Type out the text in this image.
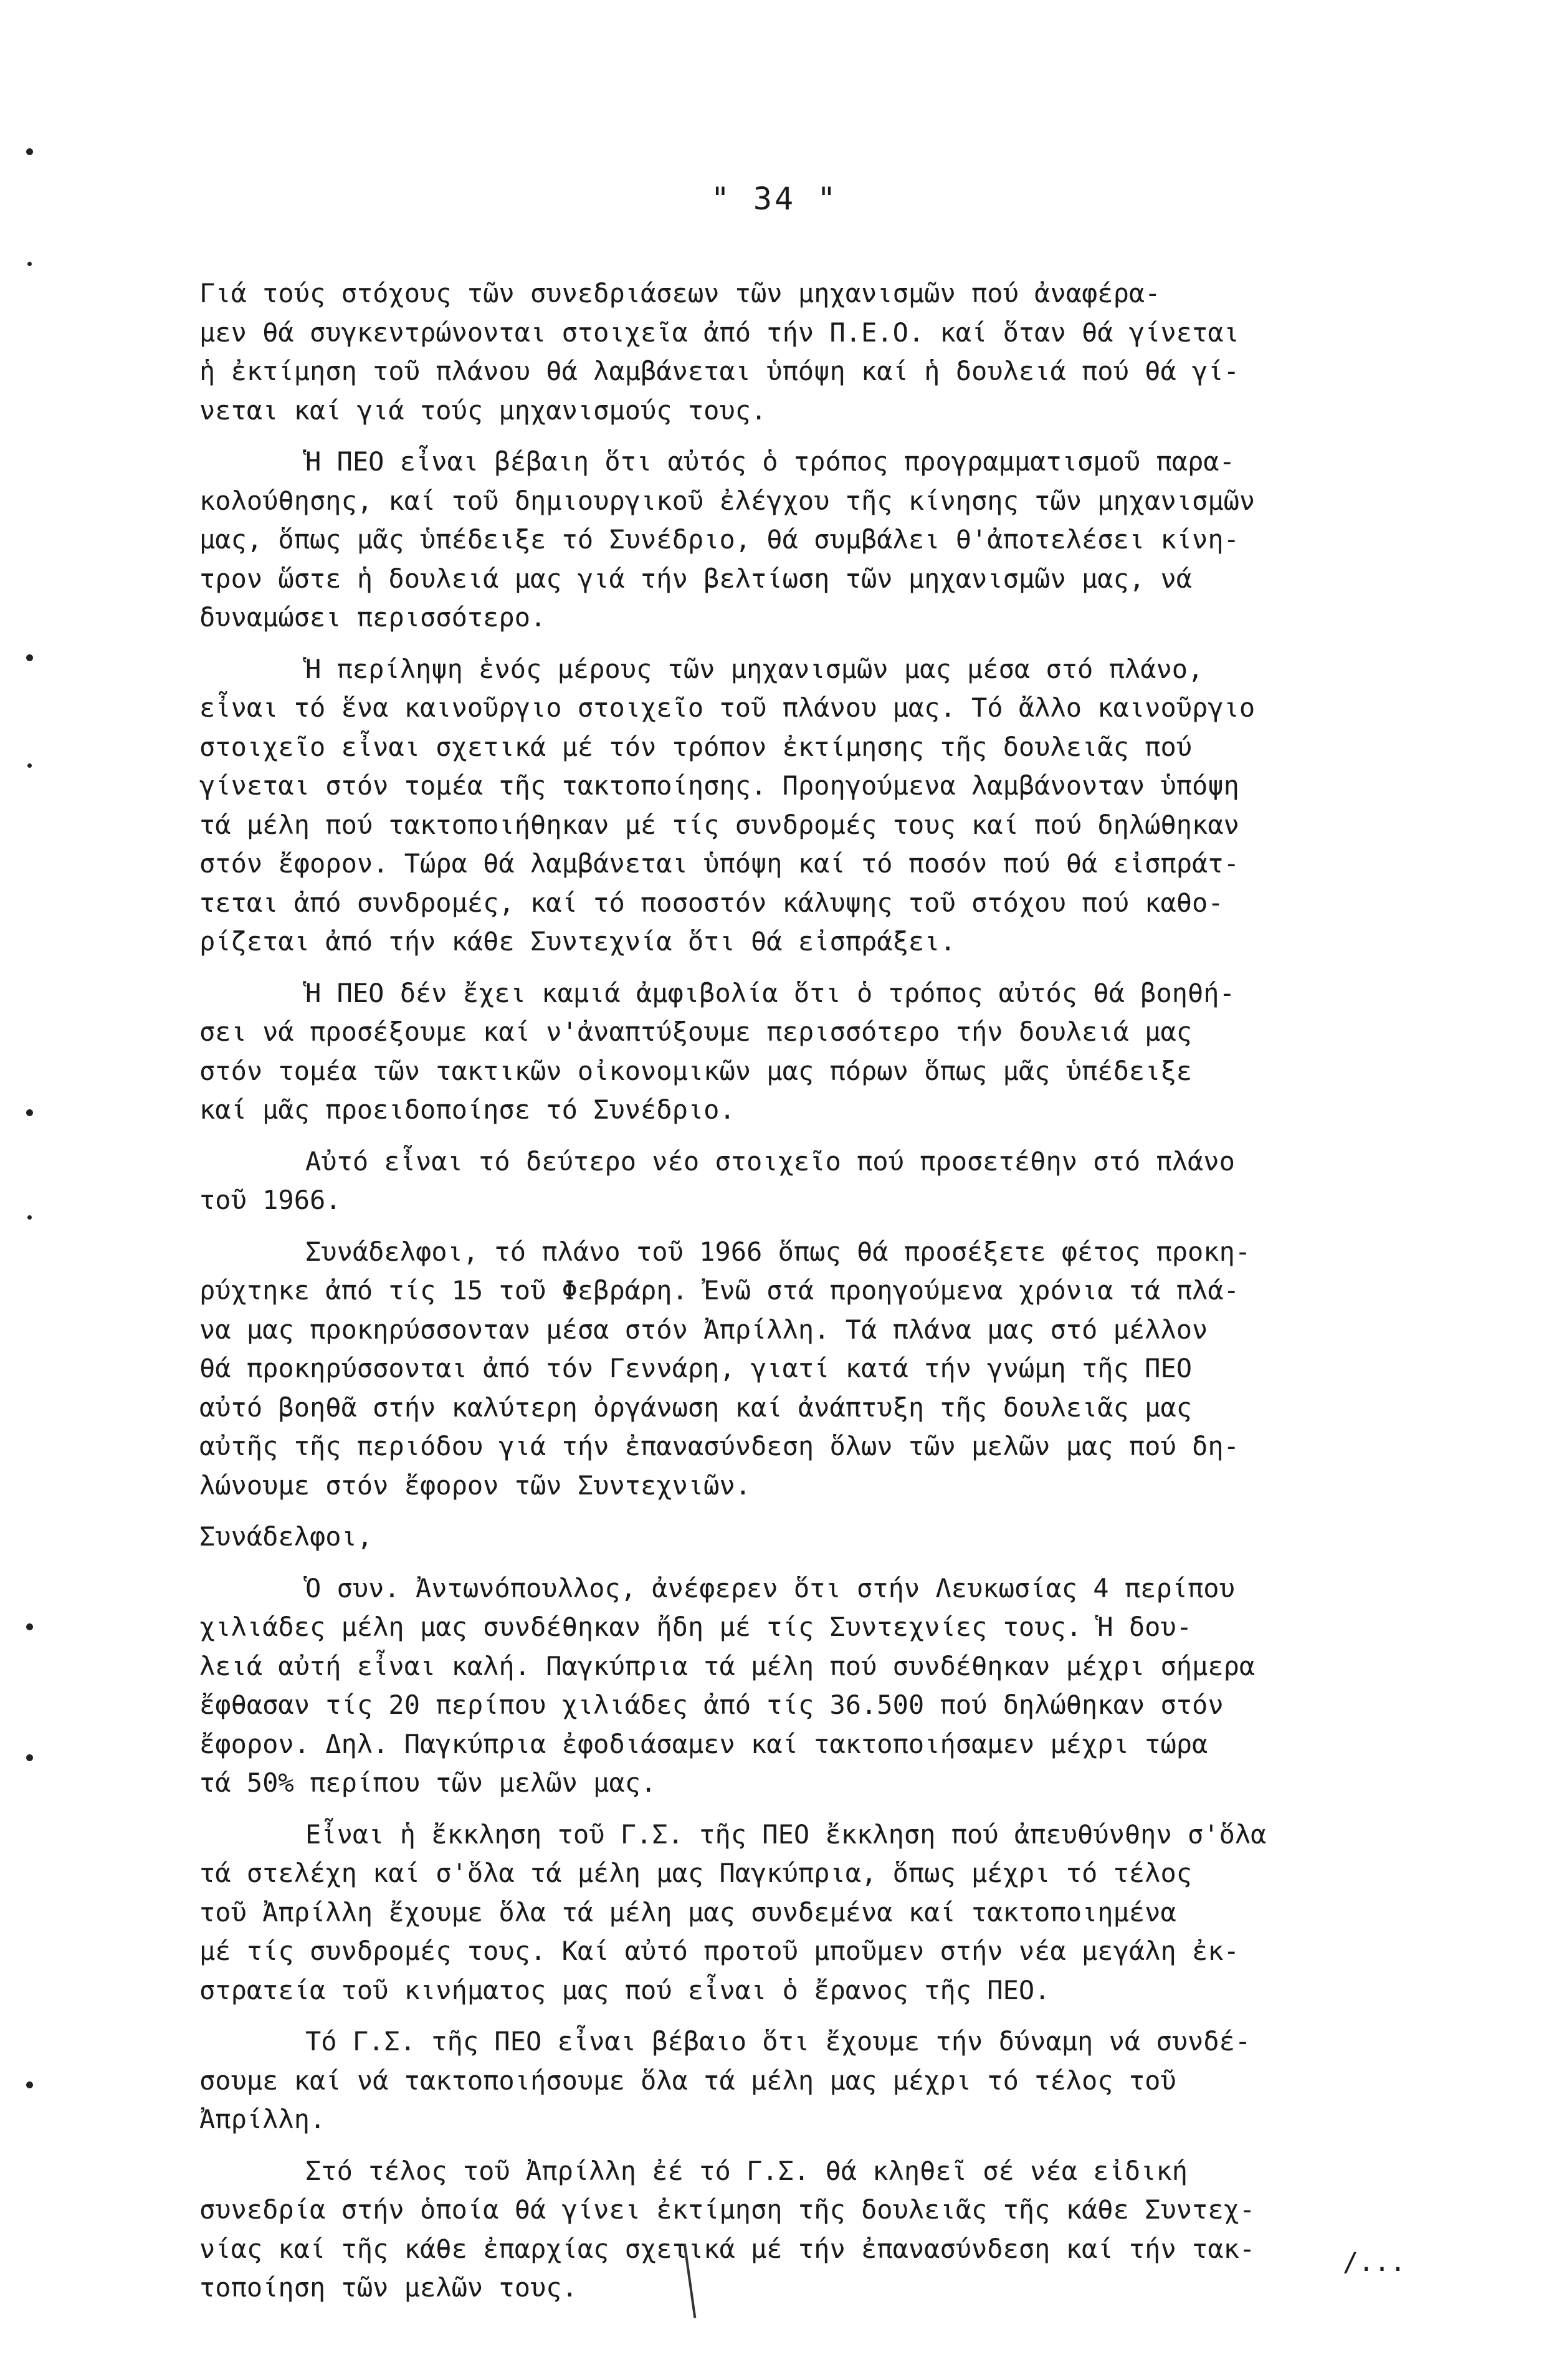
" 34 "

Γιά τούς στόχους τῶν συνεδριάσεων τῶν μηχανισμῶν πού ἀναφέρα-
μεν θά συγκεντρώνονται στοιχεῖα ἀπό τήν Π.Ε.Ο. καί ὅταν θά γίνεται
ἡ ἐκτίμηση τοῦ πλάνου θά λαμβάνεται ὑπόψη καί ἡ δουλειά πού θά γί-
νεται καί γιά τούς μηχανισμούς τους.

Ἡ ΠΕΟ εἶναι βέβαιη ὅτι αὐτός ὁ τρόπος προγραμματισμοῦ παρα-
κολούθησης, καί τοῦ δημιουργικοῦ ἐλέγχου τῆς κίνησης τῶν μηχανισμῶν
μας, ὅπως μᾶς ὑπέδειξε τό Συνέδριο, θά συμβάλει θ'ἀποτελέσει κίνη-
τρον ὥστε ἡ δουλειά μας γιά τήν βελτίωση τῶν μηχανισμῶν μας, νά
δυναμώσει περισσότερο.

Ἡ περίληψη ἑνός μέρους τῶν μηχανισμῶν μας μέσα στό πλάνο,
εἶναι τό ἕνα καινοῦργιο στοιχεῖο τοῦ πλάνου μας. Τό ἄλλο καινοῦργιο
στοιχεῖο εἶναι σχετικά μέ τόν τρόπον ἐκτίμησης τῆς δουλειᾶς πού
γίνεται στόν τομέα τῆς τακτοποίησης. Προηγούμενα λαμβάνονταν ὑπόψη
τά μέλη πού τακτοποιήθηκαν μέ τίς συνδρομές τους καί πού δηλώθηκαν
στόν ἔφορον. Τώρα θά λαμβάνεται ὑπόψη καί τό ποσόν πού θά εἰσπράτ-
τεται ἀπό συνδρομές, καί τό ποσοστόν κάλυψης τοῦ στόχου πού καθο-
ρίζεται ἀπό τήν κάθε Συντεχνία ὅτι θά εἰσπράξει.

Ἡ ΠΕΟ δέν ἔχει καμιά ἀμφιβολία ὅτι ὁ τρόπος αὐτός θά βοηθή-
σει νά προσέξουμε καί ν'ἀναπτύξουμε περισσότερο τήν δουλειά μας
στόν τομέα τῶν τακτικῶν οἰκονομικῶν μας πόρων ὅπως μᾶς ὑπέδειξε
καί μᾶς προειδοποίησε τό Συνέδριο.

Αὐτό εἶναι τό δεύτερο νέο στοιχεῖο πού προσετέθην στό πλάνο
τοῦ 1966.

Συνάδελφοι, τό πλάνο τοῦ 1966 ὅπως θά προσέξετε φέτος προκη-
ρύχτηκε ἀπό τίς 15 τοῦ Φεβράρη. Ἐνῶ στά προηγούμενα χρόνια τά πλά-
να μας προκηρύσσονταν μέσα στόν Ἀπρίλλη. Τά πλάνα μας στό μέλλον
θά προκηρύσσονται ἀπό τόν Γεννάρη, γιατί κατά τήν γνώμη τῆς ΠΕΟ
αὐτό βοηθᾶ στήν καλύτερη ὀργάνωση καί ἀνάπτυξη τῆς δουλειᾶς μας
αὐτῆς τῆς περιόδου γιά τήν ἐπανασύνδεση ὅλων τῶν μελῶν μας πού δη-
λώνουμε στόν ἔφορον τῶν Συντεχνιῶν.

Συνάδελφοι,

Ὁ συν. Ἀντωνόπουλλος, ἀνέφερεν ὅτι στήν Λευκωσίας 4 περίπου
χιλιάδες μέλη μας συνδέθηκαν ἤδη μέ τίς Συντεχνίες τους. Ἡ δου-
λειά αὐτή εἶναι καλή. Παγκύπρια τά μέλη πού συνδέθηκαν μέχρι σήμερα
ἔφθασαν τίς 20 περίπου χιλιάδες ἀπό τίς 36.500 πού δηλώθηκαν στόν
ἔφορον. Δηλ. Παγκύπρια ἐφοδιάσαμεν καί τακτοποιήσαμεν μέχρι τώρα
τά 50% περίπου τῶν μελῶν μας.

Εἶναι ἡ ἔκκληση τοῦ Γ.Σ. τῆς ΠΕΟ ἔκκληση πού ἀπευθύνθην σ'ὅλα
τά στελέχη καί σ'ὅλα τά μέλη μας Παγκύπρια, ὅπως μέχρι τό τέλος
τοῦ Ἀπρίλλη ἔχουμε ὅλα τά μέλη μας συνδεμένα καί τακτοποιημένα
μέ τίς συνδρομές τους. Καί αὐτό προτοῦ μποῦμεν στήν νέα μεγάλη ἐκ-
στρατεία τοῦ κινήματος μας πού εἶναι ὁ ἔρανος τῆς ΠΕΟ.

Τό Γ.Σ. τῆς ΠΕΟ εἶναι βέβαιο ὅτι ἔχουμε τήν δύναμη νά συνδέ-
σουμε καί νά τακτοποιήσουμε ὅλα τά μέλη μας μέχρι τό τέλος τοῦ
Ἀπρίλλη.

Στό τέλος τοῦ Ἀπρίλλη ἐέ τό Γ.Σ. θά κληθεῖ σέ νέα εἰδική
συνεδρία στήν ὁποία θά γίνει ἐκτίμηση τῆς δουλειᾶς τῆς κάθε Συντεχ-
νίας καί τῆς κάθε ἐπαρχίας σχετικά μέ τήν ἐπανασύνδεση καί τήν τακ-
τοποίηση τῶν μελῶν τους.

/...
